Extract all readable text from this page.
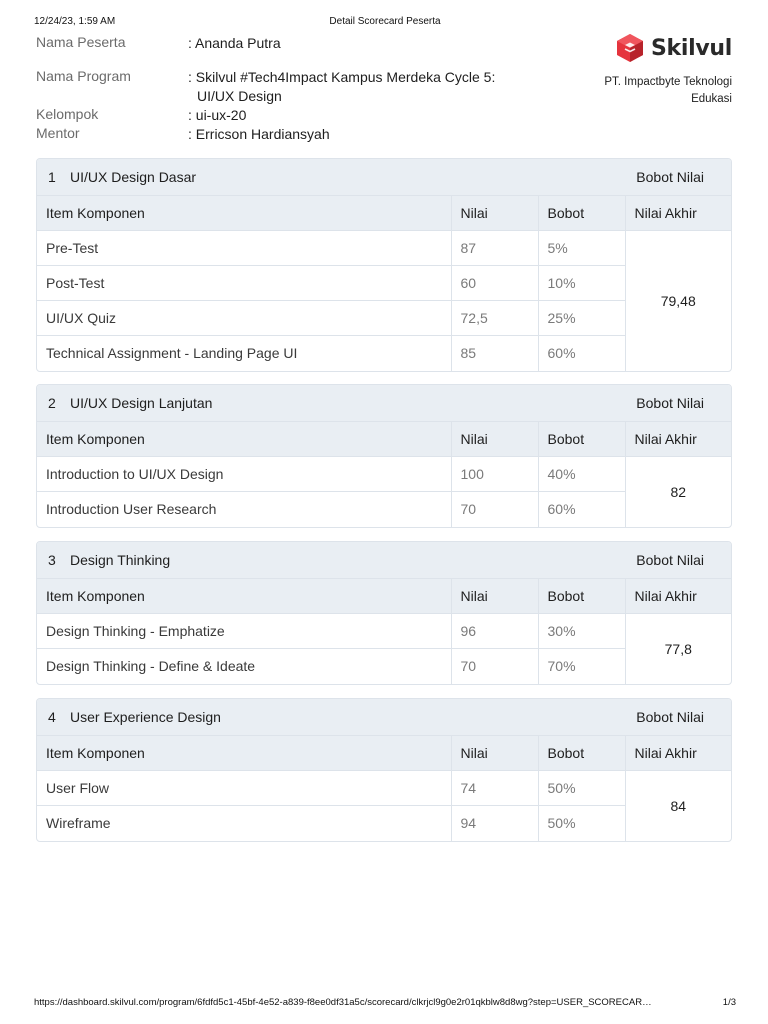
12/24/23, 1:59 AM	Detail Scorecard Peserta
Nama Peserta	: Ananda Putra
Nama Program	: Skilvul #Tech4Impact Kampus Merdeka Cycle 5: UI/UX Design
Kelompok	: ui-ux-20
Mentor	: Erricson Hardiansyah
Skilvul
PT. Impactbyte Teknologi
Edukasi
1	UI/UX Design Dasar	Bobot Nilai
Item Komponen	Nilai	Bobot	Nilai Akhir
Pre-Test	87	5%	79,48
Post-Test	60	10%	
UI/UX Quiz	72,5	25%	
Technical Assignment - Landing Page UI	85	60%	
2	UI/UX Design Lanjutan	Bobot Nilai
Item Komponen	Nilai	Bobot	Nilai Akhir
Introduction to UI/UX Design	100	40%	82
Introduction User Research	70	60%	
3	Design Thinking	Bobot Nilai
Item Komponen	Nilai	Bobot	Nilai Akhir
Design Thinking - Emphatize	96	30%	77,8
Design Thinking - Define & Ideate	70	70%	
4	User Experience Design	Bobot Nilai
Item Komponen	Nilai	Bobot	Nilai Akhir
User Flow	74	50%	84
Wireframe	94	50%	
https://dashboard.skilvul.com/program/6fdfd5c1-45bf-4e52-a839-f8ee0df31a5c/scorecard/clkrjcl9g0e2r01qkblw8d8wg?step=USER_SCORECAR…	1/3
